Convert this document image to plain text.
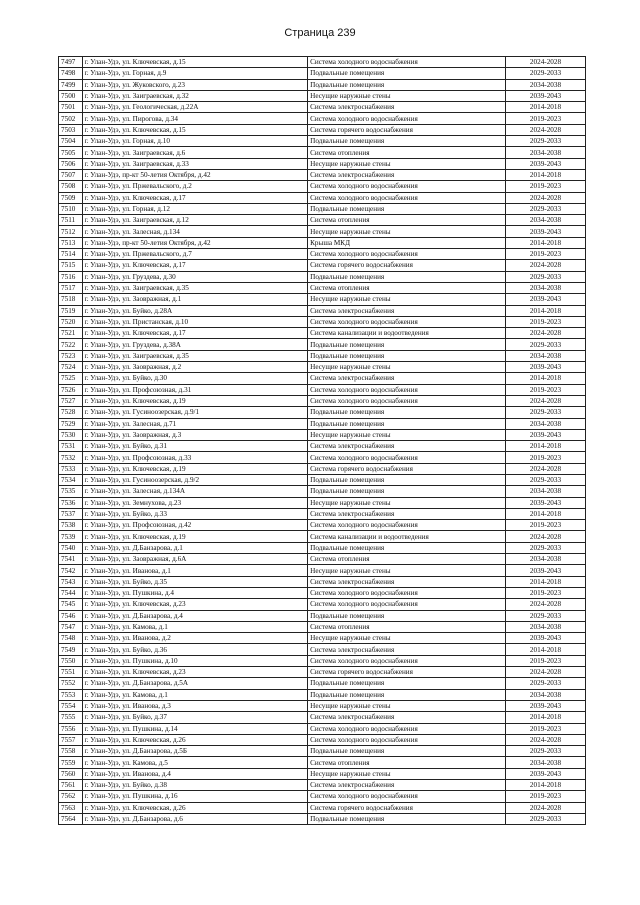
Страница 239
7497	г. Улан-Удэ, ул. Ключевская, д.15	Система холодного водоснабжения	2024-2028
7498	г. Улан-Удэ, ул. Горная, д.9	Подвальные помещения	2029-2033
7499	г. Улан-Удэ, ул. Жуковского, д.23	Подвальные помещения	2034-2038
7500	г. Улан-Удэ, ул. Заиграевская, д.32	Несущие наружные стены	2039-2043
7501	г. Улан-Удэ, ул. Геологическая, д.22А	Система электроснабжения	2014-2018
7502	г. Улан-Удэ, ул. Пирогова, д.34	Система холодного водоснабжения	2019-2023
7503	г. Улан-Удэ, ул. Ключевская, д.15	Система горячего водоснабжения	2024-2028
7504	г. Улан-Удэ, ул. Горная, д.10	Подвальные помещения	2029-2033
7505	г. Улан-Удэ, ул. Заиграевская, д.6	Система отопления	2034-2038
7506	г. Улан-Удэ, ул. Заиграевская, д.33	Несущие наружные стены	2039-2043
7507	г. Улан-Удэ, пр-кт 50-летия Октября, д.42	Система электроснабжения	2014-2018
7508	г. Улан-Удэ, ул. Пржевальского, д.2	Система холодного водоснабжения	2019-2023
7509	г. Улан-Удэ, ул. Ключевская, д.17	Система холодного водоснабжения	2024-2028
7510	г. Улан-Удэ, ул. Горная, д.12	Подвальные помещения	2029-2033
7511	г. Улан-Удэ, ул. Заиграевская, д.12	Система отопления	2034-2038
7512	г. Улан-Удэ, ул. Залесная, д.134	Несущие наружные стены	2039-2043
7513	г. Улан-Удэ, пр-кт 50-летия Октября, д.42	Крыша МКД	2014-2018
7514	г. Улан-Удэ, ул. Пржевальского, д.7	Система холодного водоснабжения	2019-2023
7515	г. Улан-Удэ, ул. Ключевская, д.17	Система горячего водоснабжения	2024-2028
7516	г. Улан-Удэ, ул. Груздева, д.30	Подвальные помещения	2029-2033
7517	г. Улан-Удэ, ул. Заиграевская, д.35	Система отопления	2034-2038
7518	г. Улан-Удэ, ул. Заовражная, д.1	Несущие наружные стены	2039-2043
7519	г. Улан-Удэ, ул. Буйко, д.28А	Система электроснабжения	2014-2018
7520	г. Улан-Удэ, ул. Пристанская, д.10	Система холодного водоснабжения	2019-2023
7521	г. Улан-Удэ, ул. Ключевская, д.17	Система канализации и водоотведения	2024-2028
7522	г. Улан-Удэ, ул. Груздева, д.38А	Подвальные помещения	2029-2033
7523	г. Улан-Удэ, ул. Заиграевская, д.35	Подвальные помещения	2034-2038
7524	г. Улан-Удэ, ул. Заовражная, д.2	Несущие наружные стены	2039-2043
7525	г. Улан-Удэ, ул. Буйко, д.30	Система электроснабжения	2014-2018
7526	г. Улан-Удэ, ул. Профсоюзная, д.31	Система холодного водоснабжения	2019-2023
7527	г. Улан-Удэ, ул. Ключевская, д.19	Система холодного водоснабжения	2024-2028
7528	г. Улан-Удэ, ул. Гусиноозерская, д.9/1	Подвальные помещения	2029-2033
7529	г. Улан-Удэ, ул. Залесная, д.71	Подвальные помещения	2034-2038
7530	г. Улан-Удэ, ул. Заовражная, д.3	Несущие наружные стены	2039-2043
7531	г. Улан-Удэ, ул. Буйко, д.31	Система электроснабжения	2014-2018
7532	г. Улан-Удэ, ул. Профсоюзная, д.33	Система холодного водоснабжения	2019-2023
7533	г. Улан-Удэ, ул. Ключевская, д.19	Система горячего водоснабжения	2024-2028
7534	г. Улан-Удэ, ул. Гусиноозерская, д.9/2	Подвальные помещения	2029-2033
7535	г. Улан-Удэ, ул. Залесная, д.134А	Подвальные помещения	2034-2038
7536	г. Улан-Удэ, ул. Земнухова, д.23	Несущие наружные стены	2039-2043
7537	г. Улан-Удэ, ул. Буйко, д.33	Система электроснабжения	2014-2018
7538	г. Улан-Удэ, ул. Профсоюзная, д.42	Система холодного водоснабжения	2019-2023
7539	г. Улан-Удэ, ул. Ключевская, д.19	Система канализации и водоотведения	2024-2028
7540	г. Улан-Удэ, ул. Д.Банзарова, д.1	Подвальные помещения	2029-2033
7541	г. Улан-Удэ, ул. Заовражная, д.6А	Система отопления	2034-2038
7542	г. Улан-Удэ, ул. Иванова, д.1	Несущие наружные стены	2039-2043
7543	г. Улан-Удэ, ул. Буйко, д.35	Система электроснабжения	2014-2018
7544	г. Улан-Удэ, ул. Пушкина, д.4	Система холодного водоснабжения	2019-2023
7545	г. Улан-Удэ, ул. Ключевская, д.23	Система холодного водоснабжения	2024-2028
7546	г. Улан-Удэ, ул. Д.Банзарова, д.4	Подвальные помещения	2029-2033
7547	г. Улан-Удэ, ул. Камова, д.1	Система отопления	2034-2038
7548	г. Улан-Удэ, ул. Иванова, д.2	Несущие наружные стены	2039-2043
7549	г. Улан-Удэ, ул. Буйко, д.36	Система электроснабжения	2014-2018
7550	г. Улан-Удэ, ул. Пушкина, д.10	Система холодного водоснабжения	2019-2023
7551	г. Улан-Удэ, ул. Ключевская, д.23	Система горячего водоснабжения	2024-2028
7552	г. Улан-Удэ, ул. Д.Банзарова, д.5А	Подвальные помещения	2029-2033
7553	г. Улан-Удэ, ул. Камова, д.1	Подвальные помещения	2034-2038
7554	г. Улан-Удэ, ул. Иванова, д.3	Несущие наружные стены	2039-2043
7555	г. Улан-Удэ, ул. Буйко, д.37	Система электроснабжения	2014-2018
7556	г. Улан-Удэ, ул. Пушкина, д.14	Система холодного водоснабжения	2019-2023
7557	г. Улан-Удэ, ул. Ключевская, д.26	Система холодного водоснабжения	2024-2028
7558	г. Улан-Удэ, ул. Д.Банзарова, д.5Б	Подвальные помещения	2029-2033
7559	г. Улан-Удэ, ул. Камова, д.5	Система отопления	2034-2038
7560	г. Улан-Удэ, ул. Иванова, д.4	Несущие наружные стены	2039-2043
7561	г. Улан-Удэ, ул. Буйко, д.38	Система электроснабжения	2014-2018
7562	г. Улан-Удэ, ул. Пушкина, д.16	Система холодного водоснабжения	2019-2023
7563	г. Улан-Удэ, ул. Ключевская, д.26	Система горячего водоснабжения	2024-2028
7564	г. Улан-Удэ, ул. Д.Банзарова, д.6	Подвальные помещения	2029-2033
